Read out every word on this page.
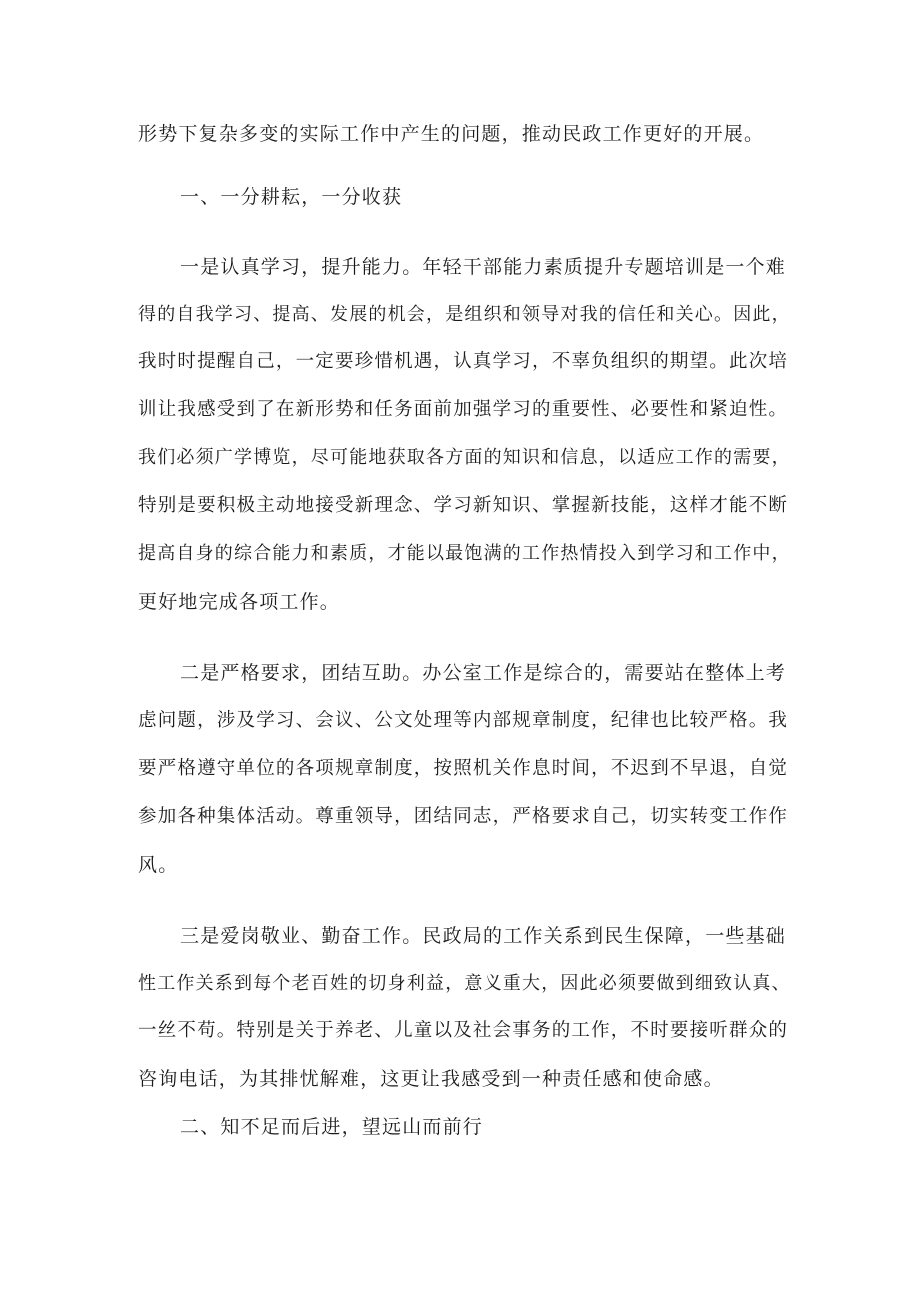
形势下复杂多变的实际工作中产生的问题，推动民政工作更好的开展。
一、一分耕耘，一分收获
一是认真学习，提升能力。年轻干部能力素质提升专题培训是一个难
得的自我学习、提高、发展的机会，是组织和领导对我的信任和关心。因此，
我时时提醒自己，一定要珍惜机遇，认真学习，不辜负组织的期望。此次培
训让我感受到了在新形势和任务面前加强学习的重要性、必要性和紧迫性。
我们必须广学博览，尽可能地获取各方面的知识和信息，以适应工作的需要，
特别是要积极主动地接受新理念、学习新知识、掌握新技能，这样才能不断
提高自身的综合能力和素质，才能以最饱满的工作热情投入到学习和工作中，
更好地完成各项工作。
二是严格要求，团结互助。办公室工作是综合的，需要站在整体上考
虑问题，涉及学习、会议、公文处理等内部规章制度，纪律也比较严格。我
要严格遵守单位的各项规章制度，按照机关作息时间，不迟到不早退，自觉
参加各种集体活动。尊重领导，团结同志，严格要求自己，切实转变工作作
风。
三是爱岗敬业、勤奋工作。民政局的工作关系到民生保障，一些基础
性工作关系到每个老百姓的切身利益，意义重大，因此必须要做到细致认真、
一丝不苟。特别是关于养老、儿童以及社会事务的工作，不时要接听群众的
咨询电话，为其排忧解难，这更让我感受到一种责任感和使命感。
二、知不足而后进，望远山而前行
